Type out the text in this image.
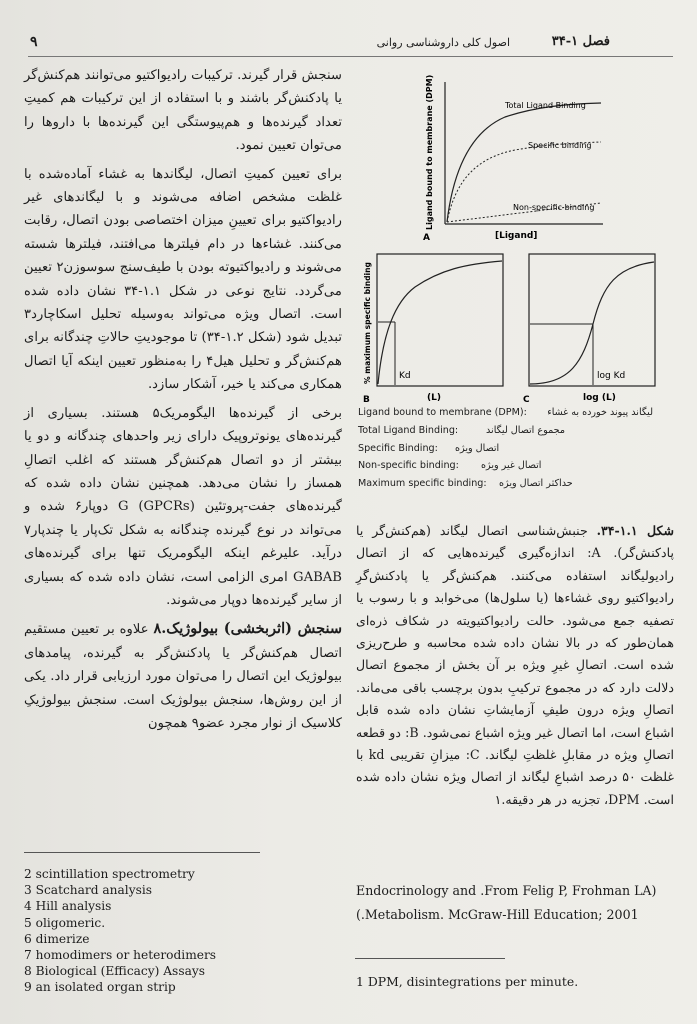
فصل ۱-۳۴
اصول کلی داروشناسی روانی
۹

سنجش قرار گیرند. ترکیبات رادیواکتیو می‌توانند هم‌کنش‌گر یا پادکنش‌گر باشند و با استفاده از این ترکیبات هم کمیتِ تعداد گیرنده‌ها و هم‌پیوستگی این گیرنده‌ها با داروها را می‌توان تعیین نمود.

برای تعیین کمیتِ اتصال، لیگاندها به غشاء آماده‌شده با غلظت مشخص اضافه می‌شوند و با لیگاندهای غیر رادیواکتیو برای تعیینِ میزان اختصاصی بودن اتصال، رقابت می‌کنند. غشاءها در دام فیلترها می‌افتند، فیلترها شسته می‌شوند و رادیواکتیوته بودن با طیف‌سنج سوسوزن۲ تعیین می‌گردد. نتایج نوعی در شکل ۱.۱-۳۴ نشان داده شده است. اتصال ویژه می‌تواند به‌وسیله تحلیل اسکاچارد۳ تبدیل شود (شکل ۱.۲-۳۴) تا موجودیتِ حالاتِ چندگانه برای هم‌کنش‌گر و تحلیل هیل۴ را به‌منظور تعیین اینکه آیا اتصال همکاری می‌کند یا خیر، آشکار سازد.

برخی از گیرنده‌ها الیگومریک۵ هستند. بسیاری از گیرنده‌های یونوتروپیک دارای زیر واحدهای چندگانه و دو یا بیشتر از دو اتصال هم‌کنش‌گر هستند که اغلب اتصالِ همساز را نشان می‌دهد. همچنین نشان داده شده که گیرنده‌های جفت‌-پروتئین G (GPCRs) دوپار۶ شده و می‌تواند در نوع گیرنده چندگانه به شکل تک‌پار یا چندپار۷ درآید. علیرغم اینکه الیگومریک تنها برای گیرنده‌های GABAB امری الزامی است، نشان داده شده که بسیاری از سایر گیرنده‌ها دوپار می‌شوند.

سنجش (اثربخشی) بیولوژیک.۸ علاوه بر تعیین مستقیم اتصال هم‌کنش‌گر یا پادکنش‌گر به گیرنده، پیامدهای بیولوژیک این اتصال را می‌توان مورد ارزیابی قرار داد. یکی از این روش‌ها، سنجش بیولوژیک است. سنجش بیولوژیکِ کلاسیک از نوار مجرد عضو۹ همچون

2 scintillation spectrometry
3 Scatchard analysis
4 Hill analysis
5 oligomeric.
6 dimerize
7 homodimers or heterodimers
8 Biological (Efficacy) Assays
9 an isolated organ strip
Total Ligand Binding
Specific binding
Non-specific binding
[Ligand]
A
Ligand bound to membrane (DPM)
Kd
(L)
B
% maximum specific binding	log Kd
log (L)
C
Ligand bound to membrane (DPM): لیگاند پیوند خورده به غشاء
Total Ligand Binding:	مجموع اتصال لیگاند
Specific Binding: اتصال ویژه
Non-specific binding: اتصال غیر ویژه
Maximum specific binding: حداکثر اتصال ویژه
شکل ۱.۱-۳۴. جنبش‌شناسی اتصال لیگاند (هم‌کنش‌گر یا پادکنش‌گر). A: اندازه‌گیری گیرنده‌هایی که از اتصال رادیولیگاند استفاده می‌کنند. هم‌کنش‌گر یا پادکنش‌گرِ رادیواکتیو روی غشاءها (یا سلول‌ها) می‌خوابد و با رسوب یا تصفیه جمع می‌شود. حالت رادیواکتیویته در شکاف ذره‌ای همان‌طور که در بالا نشان داده شده محاسبه و طرح‌ریزی شده است. اتصالِ غیرِ ویژه بر آن بخش از مجموع اتصال دلالت دارد که در مجموع ترکیبِ بدون برچسب باقی می‌ماند. اتصالِ ویژه درون طیفِ آزمایشاتِ نشان داده شده قابل اشباع است، اما اتصال غیر ویژه اشباع نمی‌شود. B: دو قطعه اتصالِ ویژه در مقابلِ غلظتِ لیگاند. C: میزانِ تقریبی kd با غلظت ۵۰ درصد اشباعِ لیگاند از اتصال ویژه نشان داده شده است. DPM، تجزیه در هر دقیقه.۱
Endocrinology and .From Felig P, Frohman LA)
(.Metabolism. McGraw-Hill Education; 2001
1 DPM, disintegrations per minute.
